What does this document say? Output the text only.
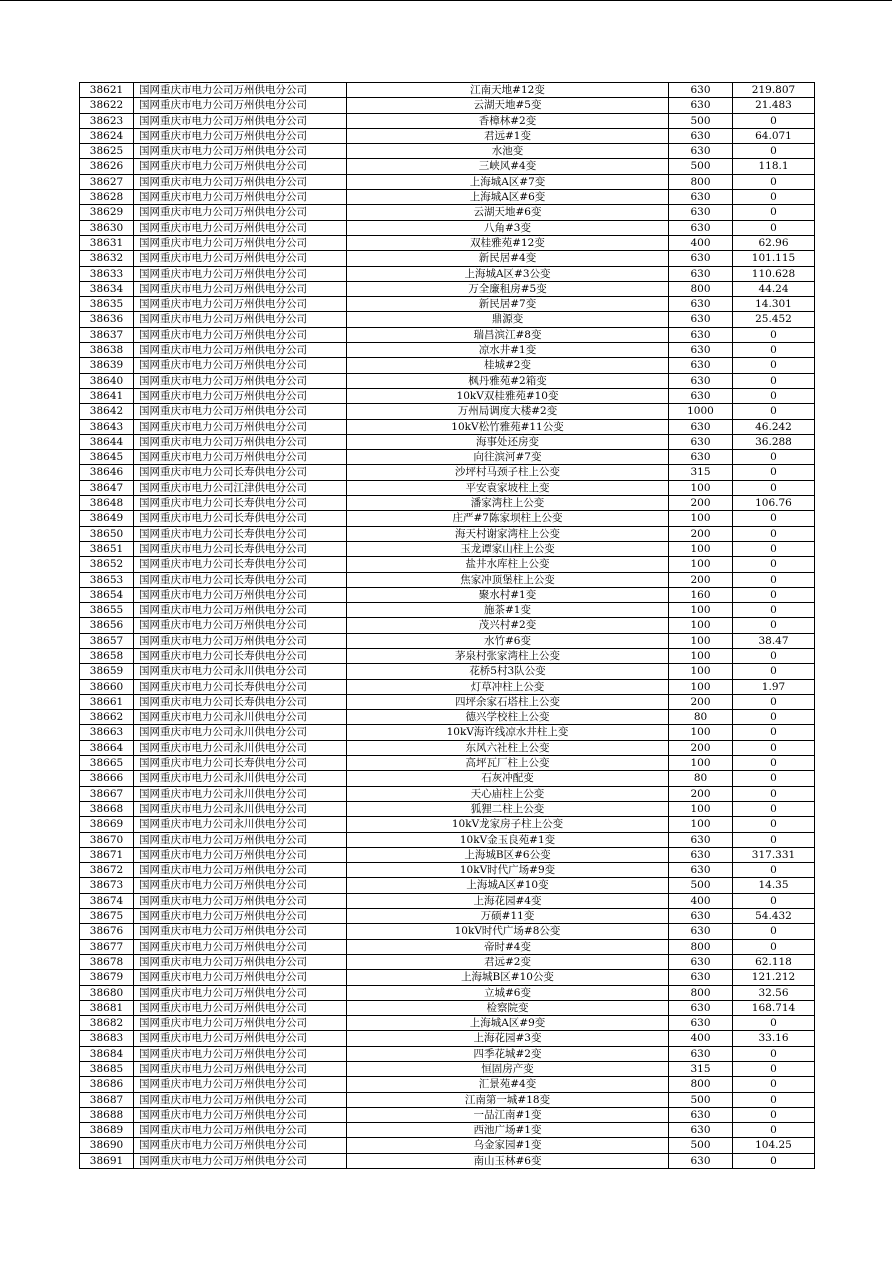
38621	国网重庆市电力公司万州供电分公司	江南天地#12变	630	219.807
38622	国网重庆市电力公司万州供电分公司	云湖天地#5变	630	21.483
38623	国网重庆市电力公司万州供电分公司	香樟林#2变	500	0
38624	国网重庆市电力公司万州供电分公司	君远#1变	630	64.071
38625	国网重庆市电力公司万州供电分公司	水池变	630	0
38626	国网重庆市电力公司万州供电分公司	三峡风#4变	500	118.1
38627	国网重庆市电力公司万州供电分公司	上海城A区#7变	800	0
38628	国网重庆市电力公司万州供电分公司	上海城A区#6变	630	0
38629	国网重庆市电力公司万州供电分公司	云湖天地#6变	630	0
38630	国网重庆市电力公司万州供电分公司	八角#3变	630	0
38631	国网重庆市电力公司万州供电分公司	双桂雅苑#12变	400	62.96
38632	国网重庆市电力公司万州供电分公司	新民居#4变	630	101.115
38633	国网重庆市电力公司万州供电分公司	上海城A区#3公变	630	110.628
38634	国网重庆市电力公司万州供电分公司	万全廉租房#5变	800	44.24
38635	国网重庆市电力公司万州供电分公司	新民居#7变	630	14.301
38636	国网重庆市电力公司万州供电分公司	鼎源变	630	25.452
38637	国网重庆市电力公司万州供电分公司	瑞昌滨江#8变	630	0
38638	国网重庆市电力公司万州供电分公司	凉水井#1变	630	0
38639	国网重庆市电力公司万州供电分公司	桂城#2变	630	0
38640	国网重庆市电力公司万州供电分公司	枫丹雅苑#2箱变	630	0
38641	国网重庆市电力公司万州供电分公司	10kV双桂雅苑#10变	630	0
38642	国网重庆市电力公司万州供电分公司	万州局调度大楼#2变	1000	0
38643	国网重庆市电力公司万州供电分公司	10kV松竹雅苑#11公变	630	46.242
38644	国网重庆市电力公司万州供电分公司	海事处还房变	630	36.288
38645	国网重庆市电力公司万州供电分公司	向往滨河#7变	630	0
38646	国网重庆市电力公司长寿供电分公司	沙坪村马颈子柱上公变	315	0
38647	国网重庆市电力公司江津供电分公司	平安袁家坡柱上变	100	0
38648	国网重庆市电力公司长寿供电分公司	潘家湾柱上公变	200	106.76
38649	国网重庆市电力公司长寿供电分公司	庄严#7陈家坝柱上公变	100	0
38650	国网重庆市电力公司长寿供电分公司	海天村谢家湾柱上公变	200	0
38651	国网重庆市电力公司长寿供电分公司	玉龙谭家山柱上公变	100	0
38652	国网重庆市电力公司长寿供电分公司	盐井水库柱上公变	100	0
38653	国网重庆市电力公司长寿供电分公司	焦家冲顶堡柱上公变	200	0
38654	国网重庆市电力公司万州供电分公司	聚水村#1变	160	0
38655	国网重庆市电力公司万州供电分公司	施茶#1变	100	0
38656	国网重庆市电力公司万州供电分公司	茂兴村#2变	100	0
38657	国网重庆市电力公司万州供电分公司	水竹#6变	100	38.47
38658	国网重庆市电力公司长寿供电分公司	茅泉村张家湾柱上公变	100	0
38659	国网重庆市电力公司永川供电分公司	花桥5村3队公变	100	0
38660	国网重庆市电力公司长寿供电分公司	灯草冲柱上公变	100	1.97
38661	国网重庆市电力公司长寿供电分公司	四坪余家石塔柱上公变	200	0
38662	国网重庆市电力公司永川供电分公司	德兴学校柱上公变	80	0
38663	国网重庆市电力公司永川供电分公司	10kV海许线凉水井柱上变	100	0
38664	国网重庆市电力公司永川供电分公司	东风六社柱上公变	200	0
38665	国网重庆市电力公司长寿供电分公司	高坪瓦厂柱上公变	100	0
38666	国网重庆市电力公司永川供电分公司	石灰冲配变	80	0
38667	国网重庆市电力公司永川供电分公司	天心庙柱上公变	200	0
38668	国网重庆市电力公司永川供电分公司	狐狸二柱上公变	100	0
38669	国网重庆市电力公司永川供电分公司	10kV龙家房子柱上公变	100	0
38670	国网重庆市电力公司万州供电分公司	10kV金玉良苑#1变	630	0
38671	国网重庆市电力公司万州供电分公司	上海城B区#6公变	630	317.331
38672	国网重庆市电力公司万州供电分公司	10kV时代广场#9变	630	0
38673	国网重庆市电力公司万州供电分公司	上海城A区#10变	500	14.35
38674	国网重庆市电力公司万州供电分公司	上海花园#4变	400	0
38675	国网重庆市电力公司万州供电分公司	万硕#11变	630	54.432
38676	国网重庆市电力公司万州供电分公司	10kV时代广场#8公变	630	0
38677	国网重庆市电力公司万州供电分公司	帝时#4变	800	0
38678	国网重庆市电力公司万州供电分公司	君远#2变	630	62.118
38679	国网重庆市电力公司万州供电分公司	上海城B区#10公变	630	121.212
38680	国网重庆市电力公司万州供电分公司	立城#6变	800	32.56
38681	国网重庆市电力公司万州供电分公司	检察院变	630	168.714
38682	国网重庆市电力公司万州供电分公司	上海城A区#9变	630	0
38683	国网重庆市电力公司万州供电分公司	上海花园#3变	400	33.16
38684	国网重庆市电力公司万州供电分公司	四季花城#2变	630	0
38685	国网重庆市电力公司万州供电分公司	恒固房产变	315	0
38686	国网重庆市电力公司万州供电分公司	汇景苑#4变	800	0
38687	国网重庆市电力公司万州供电分公司	江南第一城#18变	500	0
38688	国网重庆市电力公司万州供电分公司	一品江南#1变	630	0
38689	国网重庆市电力公司万州供电分公司	西池广场#1变	630	0
38690	国网重庆市电力公司万州供电分公司	乌金家园#1变	500	104.25
38691	国网重庆市电力公司万州供电分公司	南山玉林#6变	630	0
